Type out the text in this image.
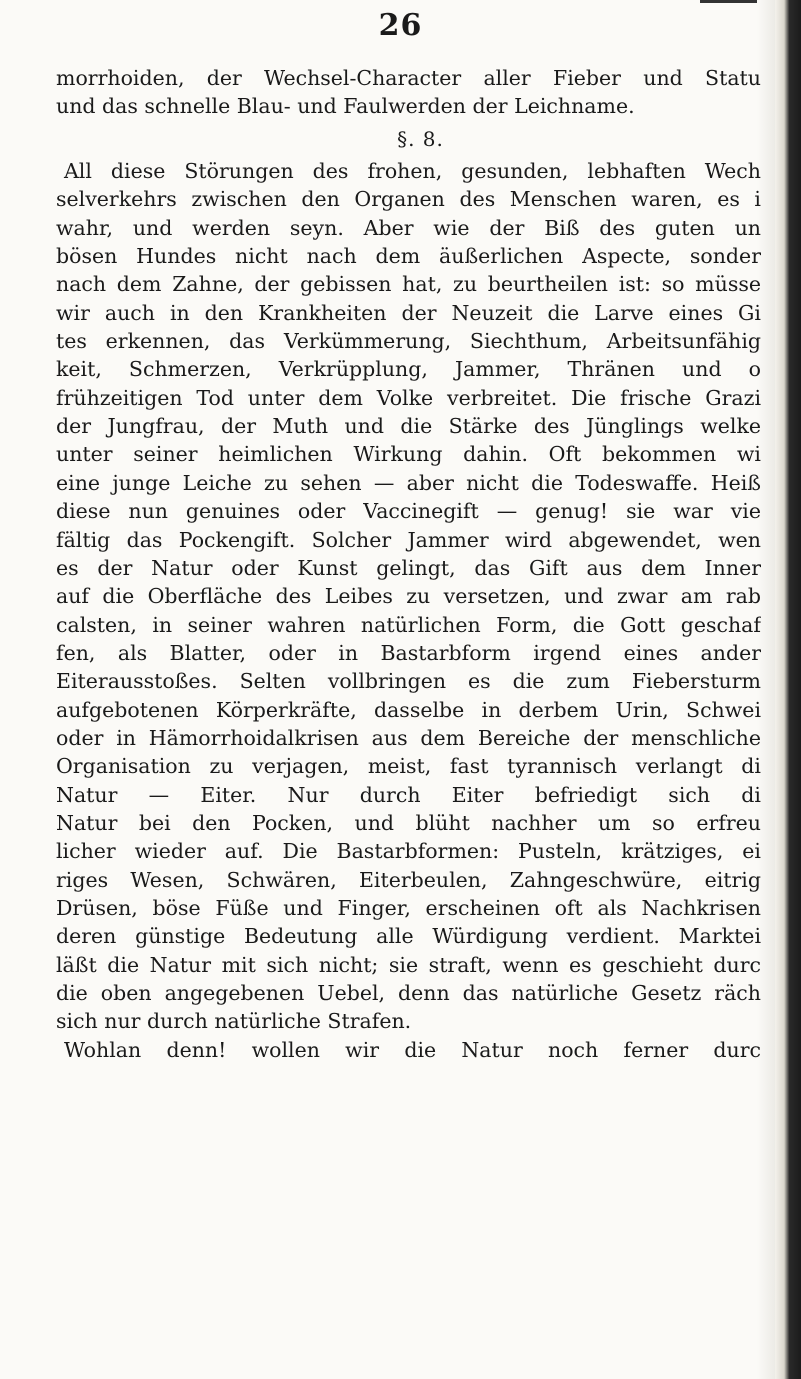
26
morrhoiden, der Wechsel-Character aller Fieber und Statu
und das schnelle Blau- und Faulwerden der Leichname.
§. 8.
All diese Störungen des frohen, gesunden, lebhaften Wech
selverkehrs zwischen den Organen des Menschen waren, es i
wahr, und werden seyn. Aber wie der Biß des guten un
bösen Hundes nicht nach dem äußerlichen Aspecte, sonder
nach dem Zahne, der gebissen hat, zu beurtheilen ist: so müsse
wir auch in den Krankheiten der Neuzeit die Larve eines Gi
tes erkennen, das Verkümmerung, Siechthum, Arbeitsunfähig
keit, Schmerzen, Verkrüpplung, Jammer, Thränen und o
frühzeitigen Tod unter dem Volke verbreitet. Die frische Grazi
der Jungfrau, der Muth und die Stärke des Jünglings welke
unter seiner heimlichen Wirkung dahin. Oft bekommen wi
eine junge Leiche zu sehen — aber nicht die Todeswaffe. Heiß
diese nun genuines oder Vaccinegift — genug! sie war vie
fältig das Pockengift. Solcher Jammer wird abgewendet, wen
es der Natur oder Kunst gelingt, das Gift aus dem Inner
auf die Oberfläche des Leibes zu versetzen, und zwar am rab
calsten, in seiner wahren natürlichen Form, die Gott geschaf
fen, als Blatter, oder in Bastarbform irgend eines ander
Eiterausstoßes. Selten vollbringen es die zum Fiebersturm
aufgebotenen Körperkräfte, dasselbe in derbem Urin, Schwei
oder in Hämorrhoidalkrisen aus dem Bereiche der menschliche
Organisation zu verjagen, meist, fast tyrannisch verlangt di
Natur — Eiter. Nur durch Eiter befriedigt sich di
Natur bei den Pocken, und blüht nachher um so erfreu
licher wieder auf. Die Bastarbformen: Pusteln, krätziges, ei
riges Wesen, Schwären, Eiterbeulen, Zahngeschwüre, eitrig
Drüsen, böse Füße und Finger, erscheinen oft als Nachkrisen
deren günstige Bedeutung alle Würdigung verdient. Marktei
läßt die Natur mit sich nicht; sie straft, wenn es geschieht durc
die oben angegebenen Uebel, denn das natürliche Gesetz räch
sich nur durch natürliche Strafen.
Wohlan denn! wollen wir die Natur noch ferner durc
